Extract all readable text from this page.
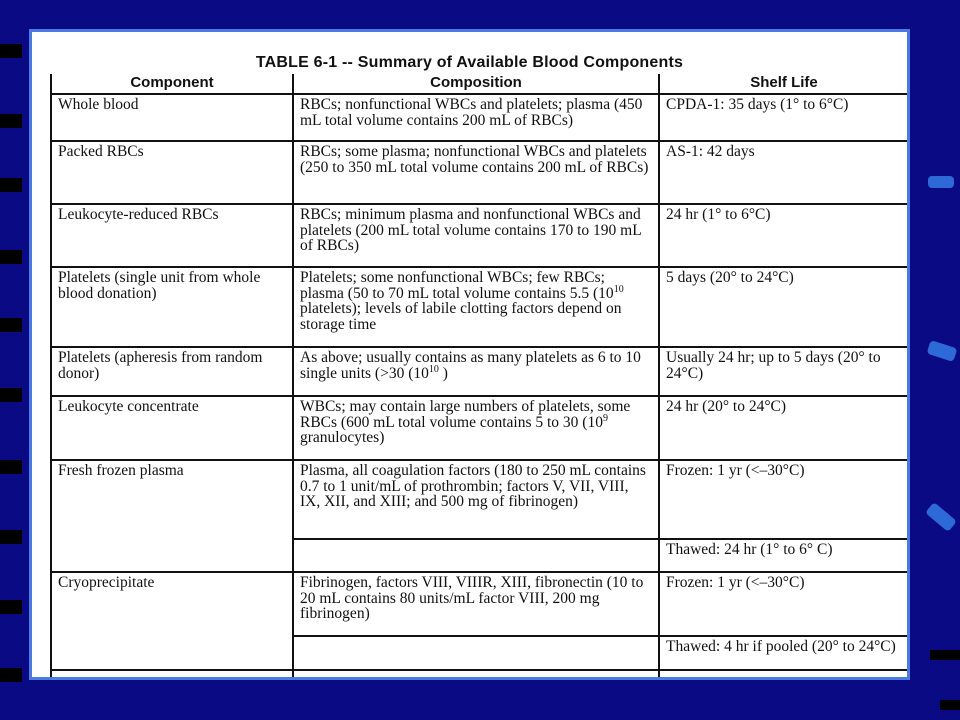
TABLE 6-1 -- Summary of Available Blood Components
Component	Composition	Shelf Life
Whole blood	RBCs; nonfunctional WBCs and platelets; plasma (450 mL total volume contains 200 mL of RBCs)	CPDA-1: 35 days (1° to 6°C)
Packed RBCs	RBCs; some plasma; nonfunctional WBCs and platelets (250 to 350 mL total volume contains 200 mL of RBCs)	AS-1: 42 days
Leukocyte-reduced RBCs	RBCs; minimum plasma and nonfunctional WBCs and platelets (200 mL total volume contains 170 to 190 mL of RBCs)	24 hr (1° to 6°C)
Platelets (single unit from whole blood donation)	Platelets; some nonfunctional WBCs; few RBCs; plasma (50 to 70 mL total volume contains 5.5 ($10^{10}$ platelets); levels of labile clotting factors depend on storage time	5 days (20° to 24°C)
Platelets (apheresis from random donor)	As above; usually contains as many platelets as 6 to 10 single units (>30 ($10^{10}$ )	Usually 24 hr; up to 5 days (20° to 24°C)
Leukocyte concentrate	WBCs; may contain large numbers of platelets, some RBCs (600 mL total volume contains 5 to 30 ($10^9$ granulocytes)	24 hr (20° to 24°C)
Fresh frozen plasma	Plasma, all coagulation factors (180 to 250 mL contains 0.7 to 1 unit/mL of prothrombin; factors V, VII, VIII, IX, XII, and XIII; and 500 mg of fibrinogen)	Frozen: 1 yr (<–30°C)
		Thawed: 24 hr (1° to 6° C)
Cryoprecipitate	Fibrinogen, factors VIII, VIIIR, XIII, fibronectin (10 to 20 mL contains 80 units/mL factor VIII, 200 mg fibrinogen)	Frozen: 1 yr (<–30°C)
		Thawed: 4 hr if pooled (20° to 24°C)
